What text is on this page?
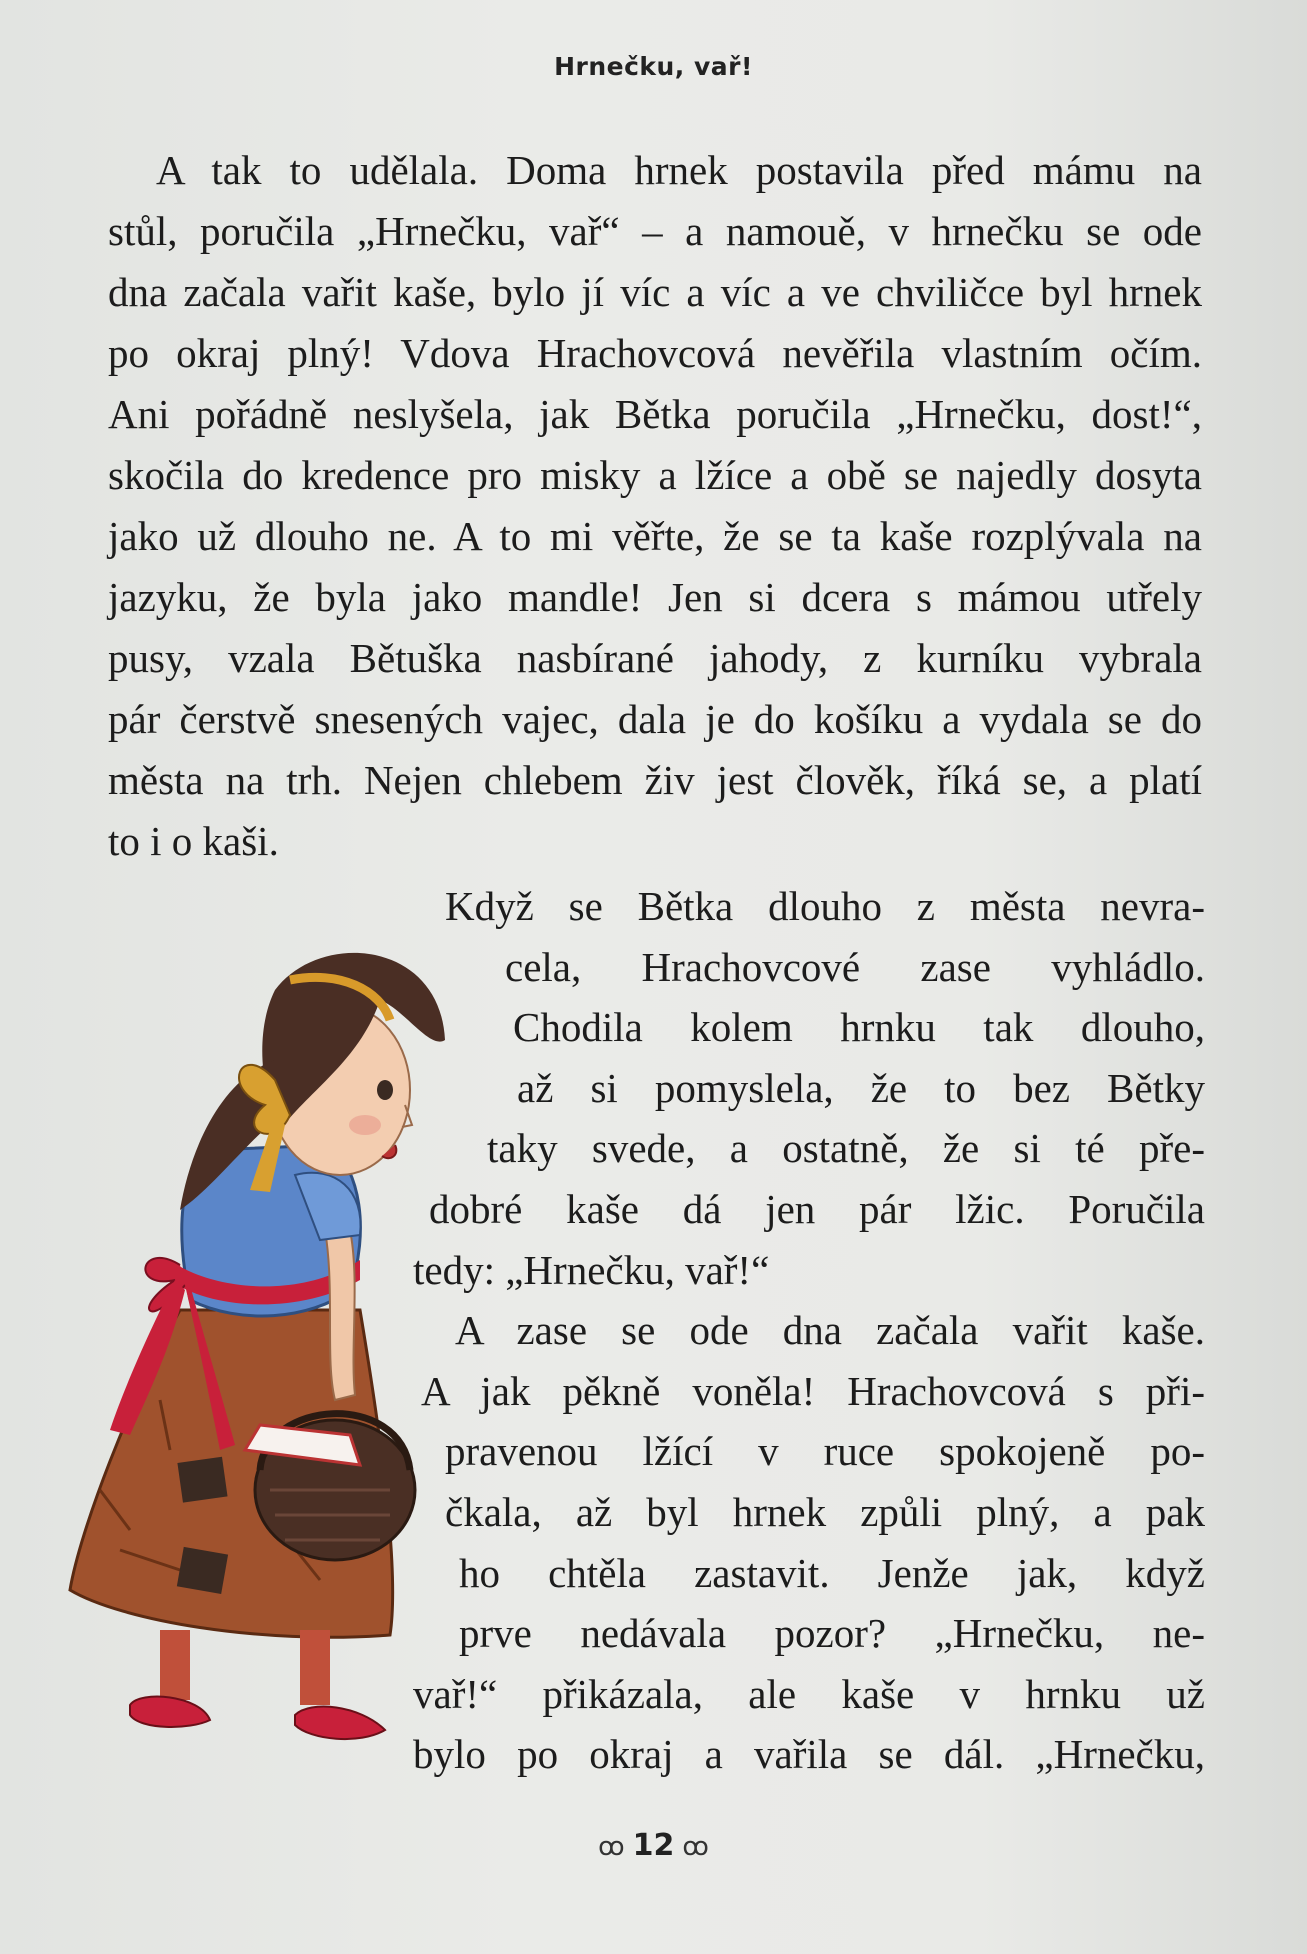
Hrnečku, vař!
A tak to udělala. Doma hrnek postavila před mámu na
stůl, poručila „Hrnečku, vař“ – a namouě, v hrnečku se ode
dna začala vařit kaše, bylo jí víc a víc a ve chviličce byl hrnek
po okraj plný! Vdova Hrachovcová nevěřila vlastním očím.
Ani pořádně neslyšela, jak Bětka poručila „Hrnečku, dost!“,
skočila do kredence pro misky a lžíce a obě se najedly dosyta
jako už dlouho ne. A to mi věřte, že se ta kaše rozplývala na
jazyku, že byla jako mandle! Jen si dcera s mámou utřely
pusy, vzala Bětuška nasbírané jahody, z kurníku vybrala
pár čerstvě snesených vajec, dala je do košíku a vydala se do
města na trh. Nejen chlebem živ jest člověk, říká se, a platí
to i o kaši.
Když se Bětka dlouho z města nevra-
cela, Hrachovcové zase vyhládlo.
Chodila kolem hrnku tak dlouho,
až si pomyslela, že to bez Bětky
taky svede, a ostatně, že si té pře-
dobré kaše dá jen pár lžic. Poručila
tedy: „Hrnečku, vař!“
A zase se ode dna začala vařit kaše.
A jak pěkně voněla! Hrachovcová s při-
pravenou lžící v ruce spokojeně po-
čkala, až byl hrnek způli plný, a pak
ho chtěla zastavit. Jenže jak, když
prve nedávala pozor? „Hrnečku, ne-
vař!“ přikázala, ale kaše v hrnku už
bylo po okraj a vařila se dál. „Hrnečku,
ꝏ 12 ꝏ
